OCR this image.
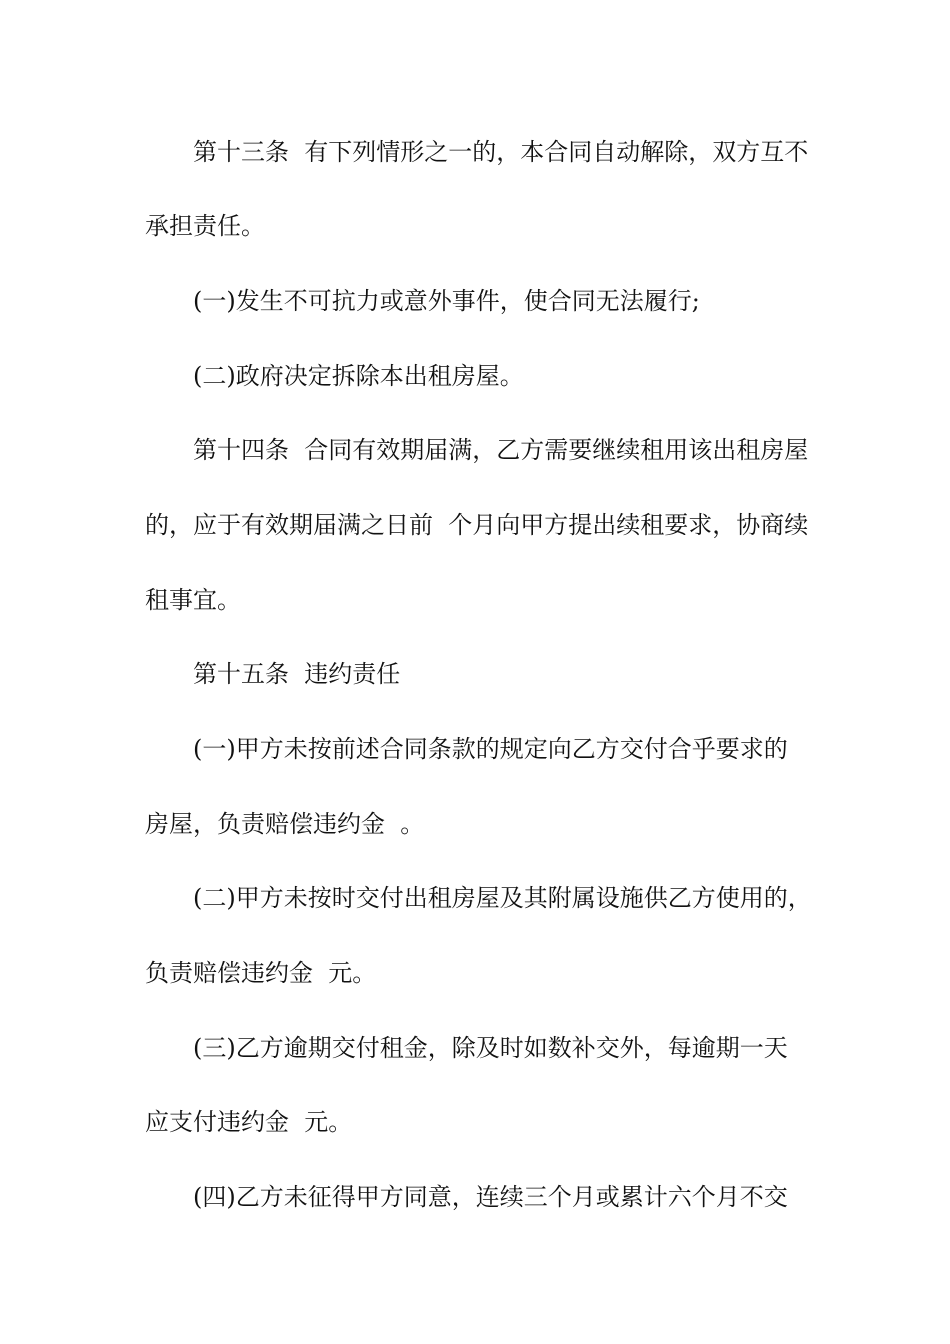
第十三条  有下列情形之一的，本合同自动解除，双方互不
承担责任。
(一)发生不可抗力或意外事件，使合同无法履行;
(二)政府决定拆除本出租房屋。
第十四条  合同有效期届满，乙方需要继续租用该出租房屋
的，应于有效期届满之日前  个月向甲方提出续租要求，协商续
租事宜。
第十五条  违约责任
(一)甲方未按前述合同条款的规定向乙方交付合乎要求的
房屋，负责赔偿违约金  。
(二)甲方未按时交付出租房屋及其附属设施供乙方使用的，
负责赔偿违约金  元。
(三)乙方逾期交付租金，除及时如数补交外，每逾期一天
应支付违约金  元。
(四)乙方未征得甲方同意，连续三个月或累计六个月不交
